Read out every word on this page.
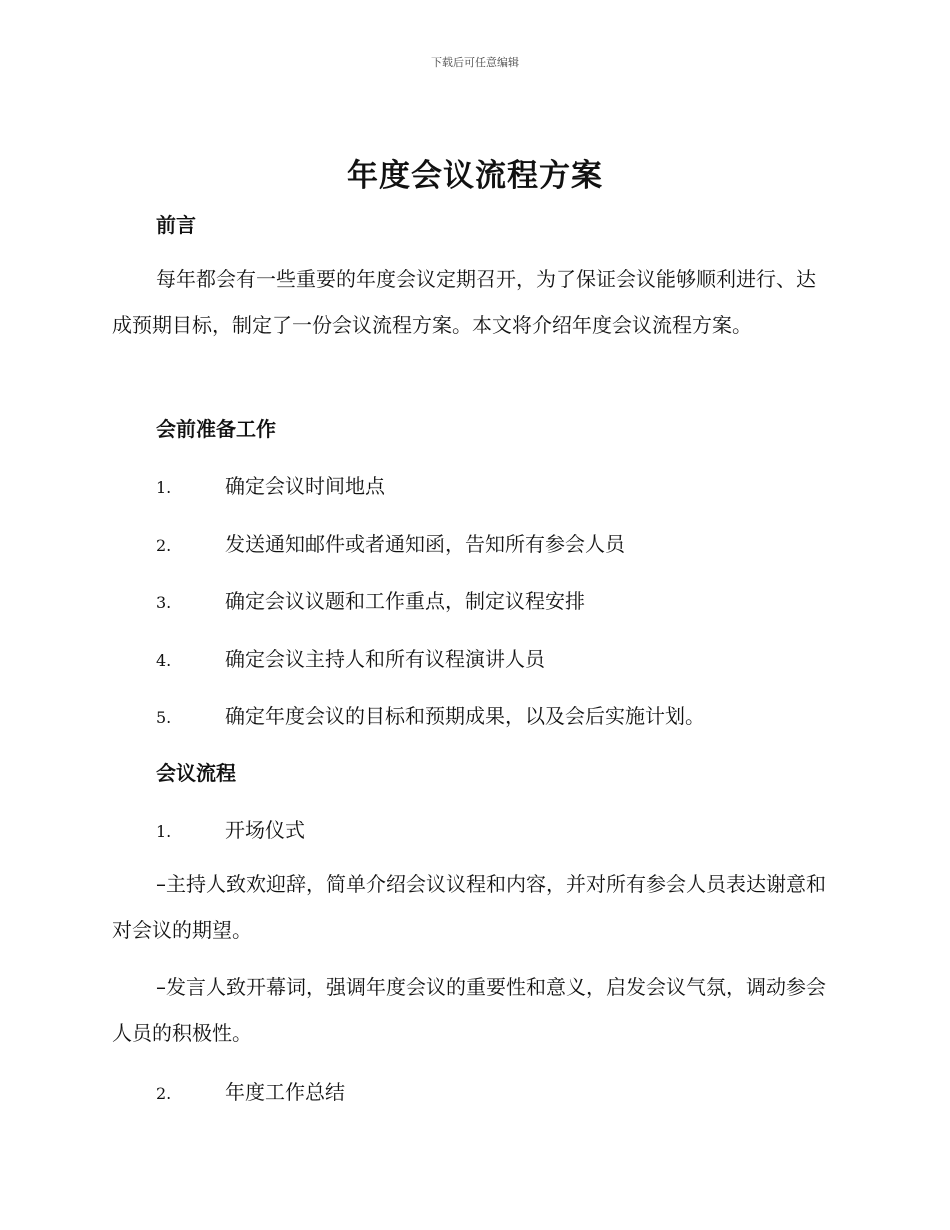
下载后可任意编辑
年度会议流程方案
前言
每年都会有一些重要的年度会议定期召开，为了保证会议能够顺利进行、达成预期目标，制定了一份会议流程方案。本文将介绍年度会议流程方案。
会前准备工作
1.	确定会议时间地点
2.	发送通知邮件或者通知函，告知所有参会人员
3.	确定会议议题和工作重点，制定议程安排
4.	确定会议主持人和所有议程演讲人员
5.	确定年度会议的目标和预期成果，以及会后实施计划。
会议流程
1.	开场仪式
–主持人致欢迎辞，简单介绍会议议程和内容，并对所有参会人员表达谢意和对会议的期望。
–发言人致开幕词，强调年度会议的重要性和意义，启发会议气氛，调动参会人员的积极性。
2.	年度工作总结
